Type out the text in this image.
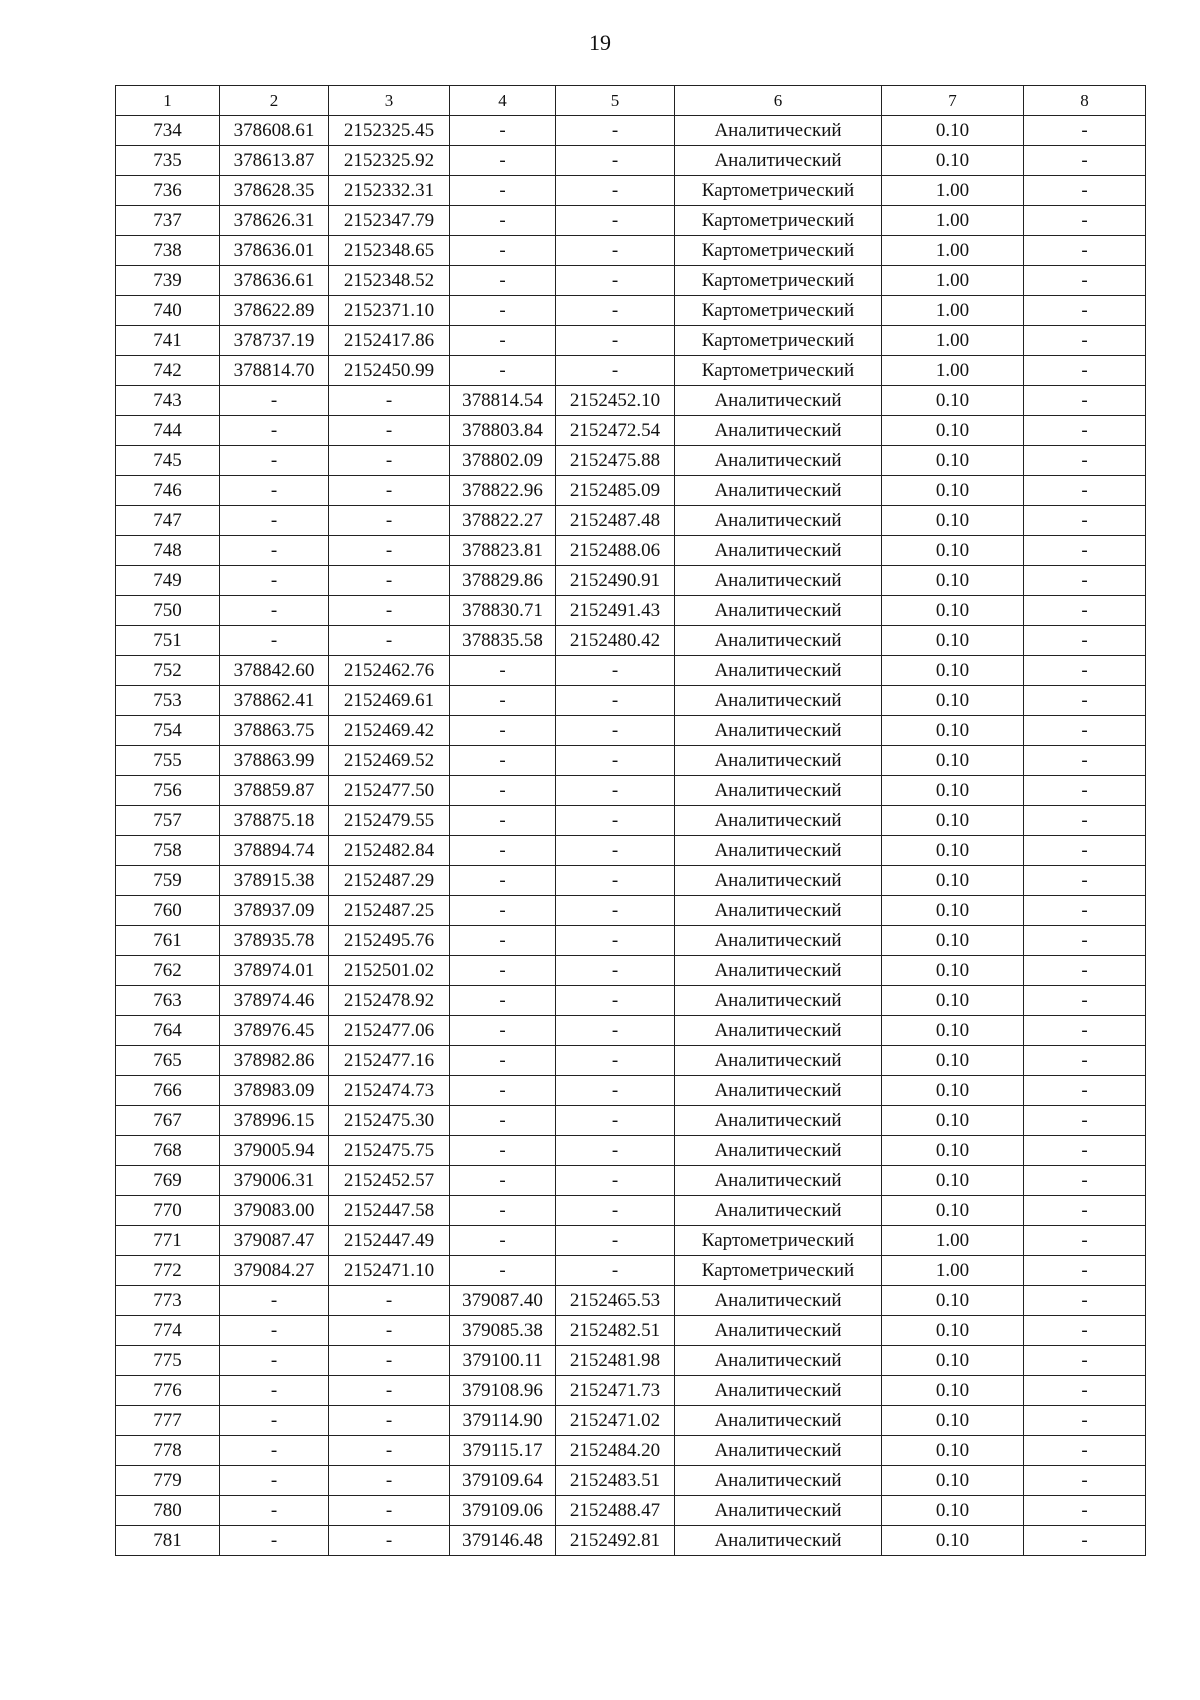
19
1	2	3	4	5	6	7	8
734	378608.61	2152325.45	-	-	Аналитический	0.10	-
735	378613.87	2152325.92	-	-	Аналитический	0.10	-
736	378628.35	2152332.31	-	-	Картометрический	1.00	-
737	378626.31	2152347.79	-	-	Картометрический	1.00	-
738	378636.01	2152348.65	-	-	Картометрический	1.00	-
739	378636.61	2152348.52	-	-	Картометрический	1.00	-
740	378622.89	2152371.10	-	-	Картометрический	1.00	-
741	378737.19	2152417.86	-	-	Картометрический	1.00	-
742	378814.70	2152450.99	-	-	Картометрический	1.00	-
743	-	-	378814.54	2152452.10	Аналитический	0.10	-
744	-	-	378803.84	2152472.54	Аналитический	0.10	-
745	-	-	378802.09	2152475.88	Аналитический	0.10	-
746	-	-	378822.96	2152485.09	Аналитический	0.10	-
747	-	-	378822.27	2152487.48	Аналитический	0.10	-
748	-	-	378823.81	2152488.06	Аналитический	0.10	-
749	-	-	378829.86	2152490.91	Аналитический	0.10	-
750	-	-	378830.71	2152491.43	Аналитический	0.10	-
751	-	-	378835.58	2152480.42	Аналитический	0.10	-
752	378842.60	2152462.76	-	-	Аналитический	0.10	-
753	378862.41	2152469.61	-	-	Аналитический	0.10	-
754	378863.75	2152469.42	-	-	Аналитический	0.10	-
755	378863.99	2152469.52	-	-	Аналитический	0.10	-
756	378859.87	2152477.50	-	-	Аналитический	0.10	-
757	378875.18	2152479.55	-	-	Аналитический	0.10	-
758	378894.74	2152482.84	-	-	Аналитический	0.10	-
759	378915.38	2152487.29	-	-	Аналитический	0.10	-
760	378937.09	2152487.25	-	-	Аналитический	0.10	-
761	378935.78	2152495.76	-	-	Аналитический	0.10	-
762	378974.01	2152501.02	-	-	Аналитический	0.10	-
763	378974.46	2152478.92	-	-	Аналитический	0.10	-
764	378976.45	2152477.06	-	-	Аналитический	0.10	-
765	378982.86	2152477.16	-	-	Аналитический	0.10	-
766	378983.09	2152474.73	-	-	Аналитический	0.10	-
767	378996.15	2152475.30	-	-	Аналитический	0.10	-
768	379005.94	2152475.75	-	-	Аналитический	0.10	-
769	379006.31	2152452.57	-	-	Аналитический	0.10	-
770	379083.00	2152447.58	-	-	Аналитический	0.10	-
771	379087.47	2152447.49	-	-	Картометрический	1.00	-
772	379084.27	2152471.10	-	-	Картометрический	1.00	-
773	-	-	379087.40	2152465.53	Аналитический	0.10	-
774	-	-	379085.38	2152482.51	Аналитический	0.10	-
775	-	-	379100.11	2152481.98	Аналитический	0.10	-
776	-	-	379108.96	2152471.73	Аналитический	0.10	-
777	-	-	379114.90	2152471.02	Аналитический	0.10	-
778	-	-	379115.17	2152484.20	Аналитический	0.10	-
779	-	-	379109.64	2152483.51	Аналитический	0.10	-
780	-	-	379109.06	2152488.47	Аналитический	0.10	-
781	-	-	379146.48	2152492.81	Аналитический	0.10	-
